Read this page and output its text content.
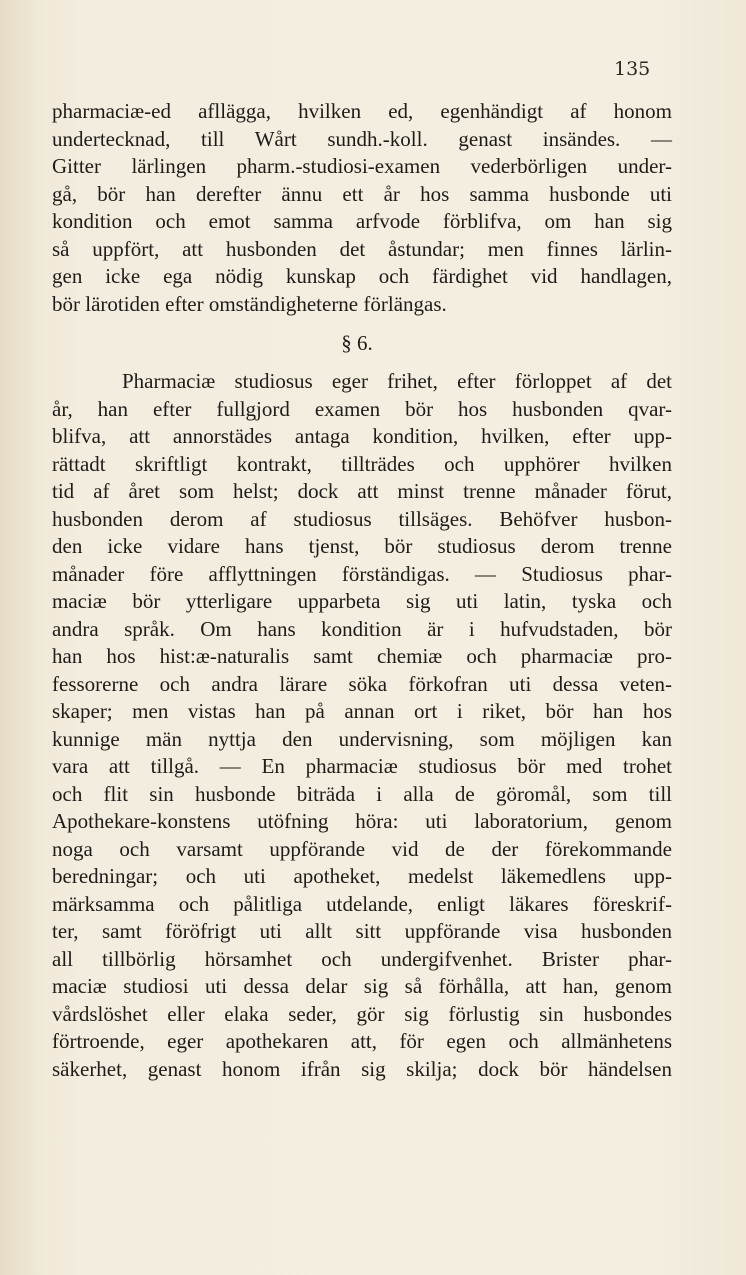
135
pharmaciæ-ed afllägga, hvilken ed, egenhändigt af honom
undertecknad, till Wårt sundh.-koll. genast insändes. —
Gitter lärlingen pharm.-studiosi-examen vederbörligen under-
gå, bör han derefter ännu ett år hos samma husbonde uti
kondition och emot samma arfvode förblifva, om han sig
så uppfört, att husbonden det åstundar; men finnes lärlin-
gen icke ega nödig kunskap och färdighet vid handlagen,
bör lärotiden efter omständigheterne förlängas.
§ 6.
Pharmaciæ studiosus eger frihet, efter förloppet af det
år, han efter fullgjord examen bör hos husbonden qvar-
blifva, att annorstädes antaga kondition, hvilken, efter upp-
rättadt skriftligt kontrakt, tillträdes och upphörer hvilken
tid af året som helst; dock att minst trenne månader förut,
husbonden derom af studiosus tillsäges. Behöfver husbon-
den icke vidare hans tjenst, bör studiosus derom trenne
månader före afflyttningen förständigas. — Studiosus phar-
maciæ bör ytterligare upparbeta sig uti latin, tyska och
andra språk. Om hans kondition är i hufvudstaden, bör
han hos hist:æ-naturalis samt chemiæ och pharmaciæ pro-
fessorerne och andra lärare söka förkofran uti dessa veten-
skaper; men vistas han på annan ort i riket, bör han hos
kunnige män nyttja den undervisning, som möjligen kan
vara att tillgå. — En pharmaciæ studiosus bör med trohet
och flit sin husbonde biträda i alla de göromål, som till
Apothekare-konstens utöfning höra: uti laboratorium, genom
noga och varsamt uppförande vid de der förekommande
beredningar; och uti apotheket, medelst läkemedlens upp-
märksamma och pålitliga utdelande, enligt läkares föreskrif-
ter, samt föröfrigt uti allt sitt uppförande visa husbonden
all tillbörlig hörsamhet och undergifvenhet. Brister phar-
maciæ studiosi uti dessa delar sig så förhålla, att han, genom
vårdslöshet eller elaka seder, gör sig förlustig sin husbondes
förtroende, eger apothekaren att, för egen och allmänhetens
säkerhet, genast honom ifrån sig skilja; dock bör händelsen
